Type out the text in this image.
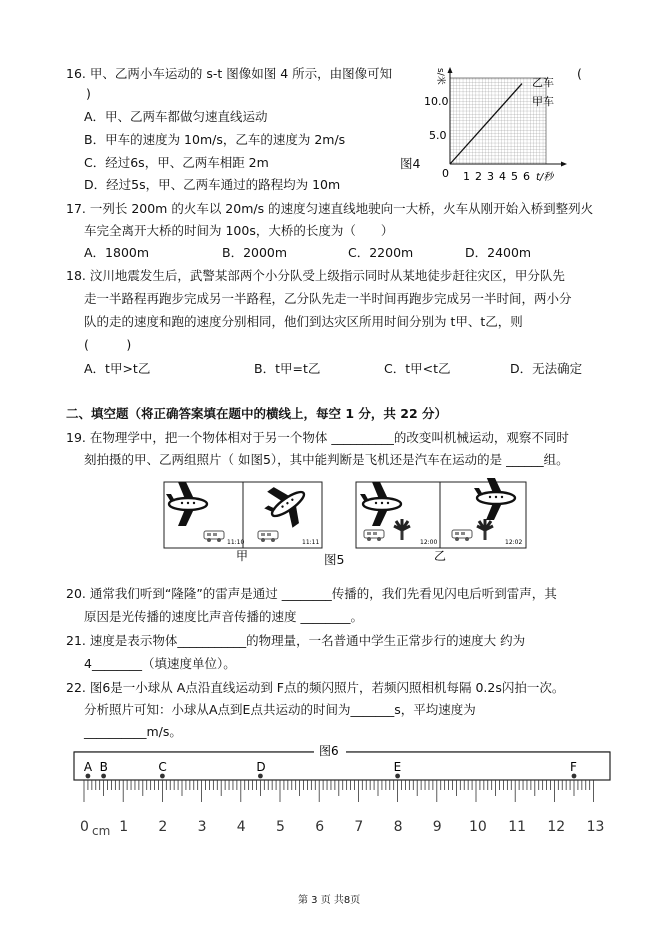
16. 甲、乙两小车运动的 s-t 图像如图 4 所示，由图像可知	(
)
A．甲、乙两车都做匀速直线运动
B．甲车的速度为 10m/s，乙车的速度为 2m/s
C．经过6s，甲、乙两车相距 2m
D．经过5s，甲、乙两车通过的路程均为 10m
图4
s/米
10.0
5.0
0 1 2 3 4 5 6 t/秒
乙车
甲车
17. 一列长 200m 的火车以 20m/s 的速度匀速直线地驶向一大桥，火车从刚开始入桥到整列火
车完全离开大桥的时间为 100s，大桥的长度为（　　）
A．1800m	B．2000m	C．2200m	D．2400m
18. 汶川地震发生后，武警某部两个小分队受上级指示同时从某地徒步赶往灾区，甲分队先
走一半路程再跑步完成另一半路程，乙分队先走一半时间再跑步完成另一半时间，两小分
队的走的速度和跑的速度分别相同，他们到达灾区所用时间分别为 t甲、t乙，则
(　　　)
A．t甲>t乙	B．t甲=t乙	C．t甲<t乙	D．无法确定
二、填空题（将正确答案填在题中的横线上，每空 1 分，共 22 分）
19. 在物理学中，把一个物体相对于另一个物体 __________的改变叫机械运动，观察不同时
刻拍摄的甲、乙两组照片（ 如图5），其中能判断是飞机还是汽车在运动的是 ______组。
11:10	11:11	12:00	12:02
甲	乙
图5
20. 通常我们听到“隆隆”的雷声是通过 ________传播的，我们先看见闪电后听到雷声，其
原因是光传播的速度比声音传播的速度 ________。
21. 速度是表示物体___________的物理量，一名普通中学生正常步行的速度大 约为
4________（填速度单位）。
22. 图6是一小球从 A点沿直线运动到 F点的频闪照片，若频闪照相机每隔 0.2s闪拍一次。
分析照片可知：小球从A点到E点共运动的时间为_______s，平均速度为
__________m/s。
图6
cm
A B	C	D	E	F
0 1 2 3 4 5 6 7 8 9 10 11 12 13
第 3 页 共8页
